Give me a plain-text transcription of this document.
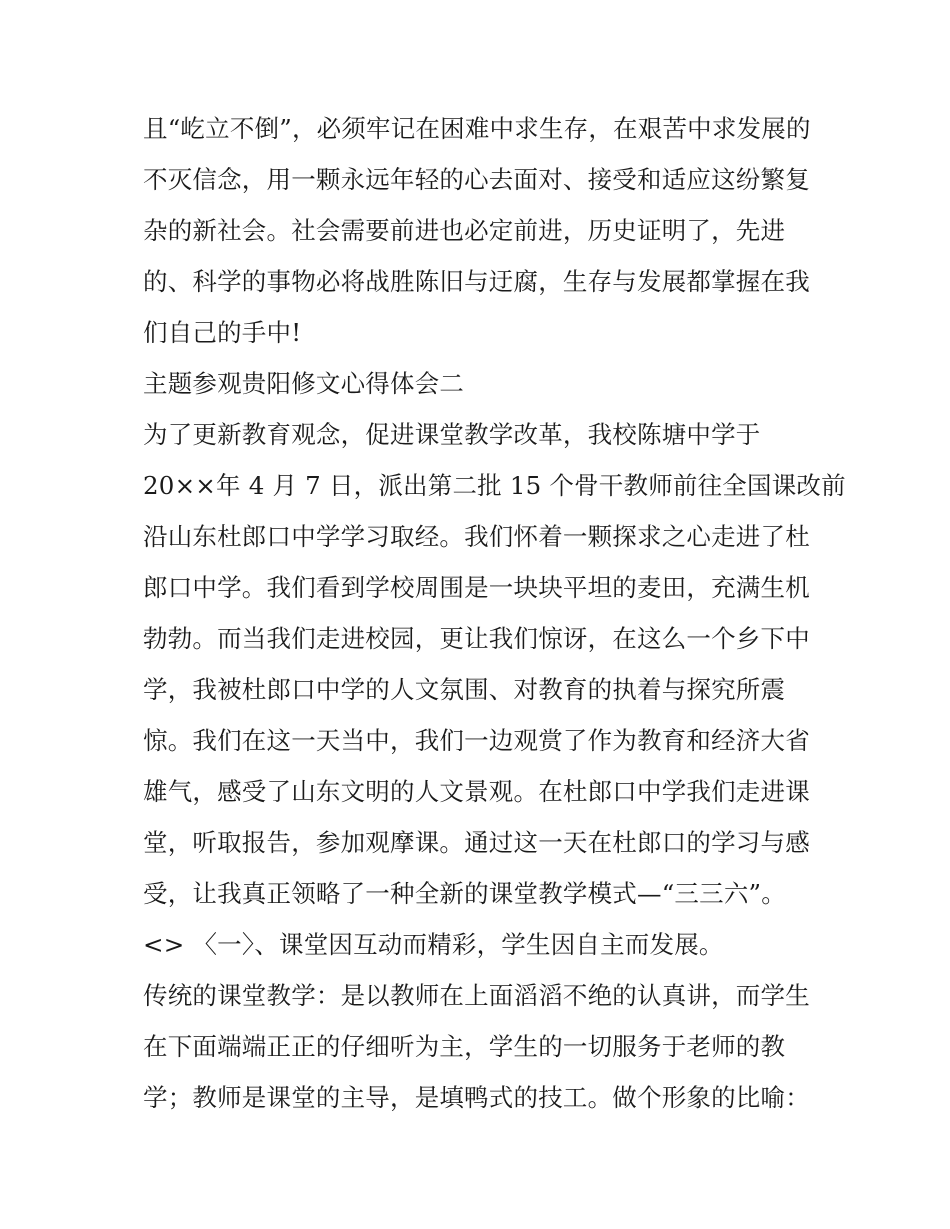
且“屹立不倒”，必须牢记在困难中求生存，在艰苦中求发展的
不灭信念，用一颗永远年轻的心去面对、接受和适应这纷繁复
杂的新社会。社会需要前进也必定前进，历史证明了，先进
的、科学的事物必将战胜陈旧与迂腐，生存与发展都掌握在我
们自己的手中!
主题参观贵阳修文心得体会二
为了更新教育观念，促进课堂教学改革，我校陈塘中学于
20××年 4 月 7 日，派出第二批 15 个骨干教师前往全国课改前
沿山东杜郎口中学学习取经。我们怀着一颗探求之心走进了杜
郎口中学。我们看到学校周围是一块块平坦的麦田，充满生机
勃勃。而当我们走进校园，更让我们惊讶，在这么一个乡下中
学，我被杜郎口中学的人文氛围、对教育的执着与探究所震
惊。我们在这一天当中，我们一边观赏了作为教育和经济大省
雄气，感受了山东文明的人文景观。在杜郎口中学我们走进课
堂，听取报告，参加观摩课。通过这一天在杜郎口的学习与感
受，让我真正领略了一种全新的课堂教学模式—“三三六”。
<> 〈一〉、课堂因互动而精彩，学生因自主而发展。
传统的课堂教学：是以教师在上面滔滔不绝的认真讲，而学生
在下面端端正正的仔细听为主，学生的一切服务于老师的教
学；教师是课堂的主导，是填鸭式的技工。做个形象的比喻：
